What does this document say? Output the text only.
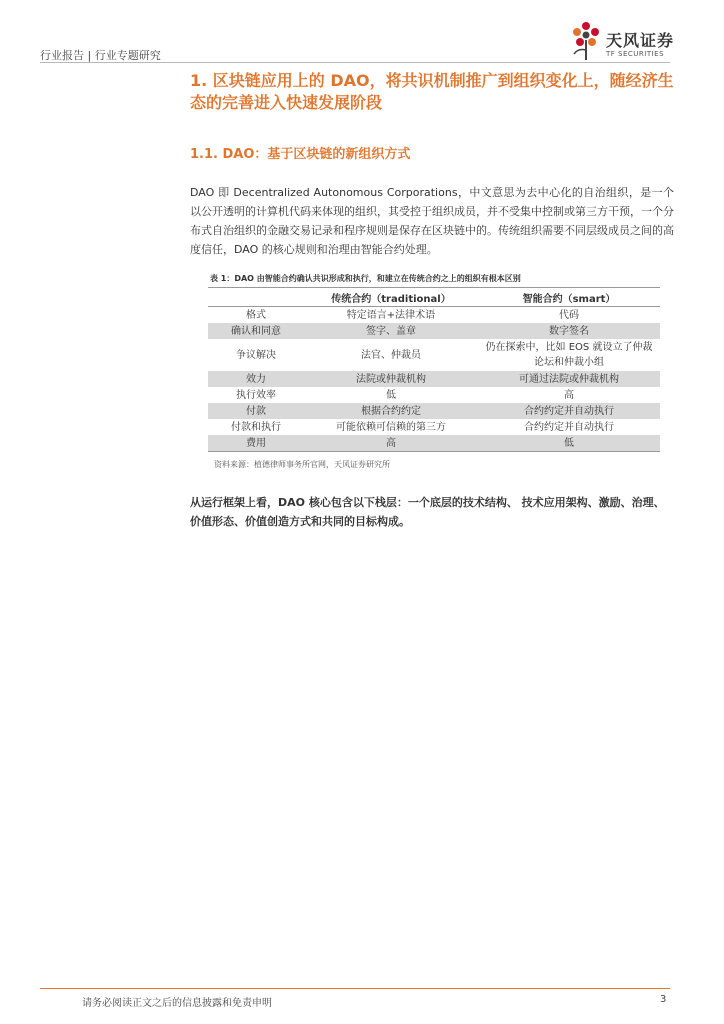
行业报告 | 行业专题研究
天风证券
TF SECURITIES
1. 区块链应用上的 DAO，将共识机制推广到组织变化上，随经济生态的完善进入快速发展阶段
1.1. DAO：基于区块链的新组织方式
DAO 即 Decentralized Autonomous Corporations，中文意思为去中心化的自治组织，是一个以公开透明的计算机代码来体现的组织，其受控于组织成员，并不受集中控制或第三方干预，一个分布式自治组织的金融交易记录和程序规则是保存在区块链中的。传统组织需要不同层级成员之间的高度信任，DAO 的核心规则和治理由智能合约处理。
表 1：DAO 由智能合约确认共识形成和执行，和建立在传统合约之上的组织有根本区别
	传统合约（traditional）	智能合约（smart）
格式	特定语言+法律术语	代码
确认和同意	签字、盖章	数字签名
争议解决	法官、仲裁员	仍在探索中，比如 EOS 就设立了仲裁论坛和仲裁小组
效力	法院或仲裁机构	可通过法院或仲裁机构
执行效率	低	高
付款	根据合约约定	合约约定并自动执行
付款和执行	可能依赖可信赖的第三方	合约约定并自动执行
费用	高	低
资料来源：植德律师事务所官网，天风证券研究所
从运行框架上看，DAO 核心包含以下栈层：一个底层的技术结构、 技术应用架构、激励、治理、价值形态、价值创造方式和共同的目标构成。
请务必阅读正文之后的信息披露和免责申明	3
